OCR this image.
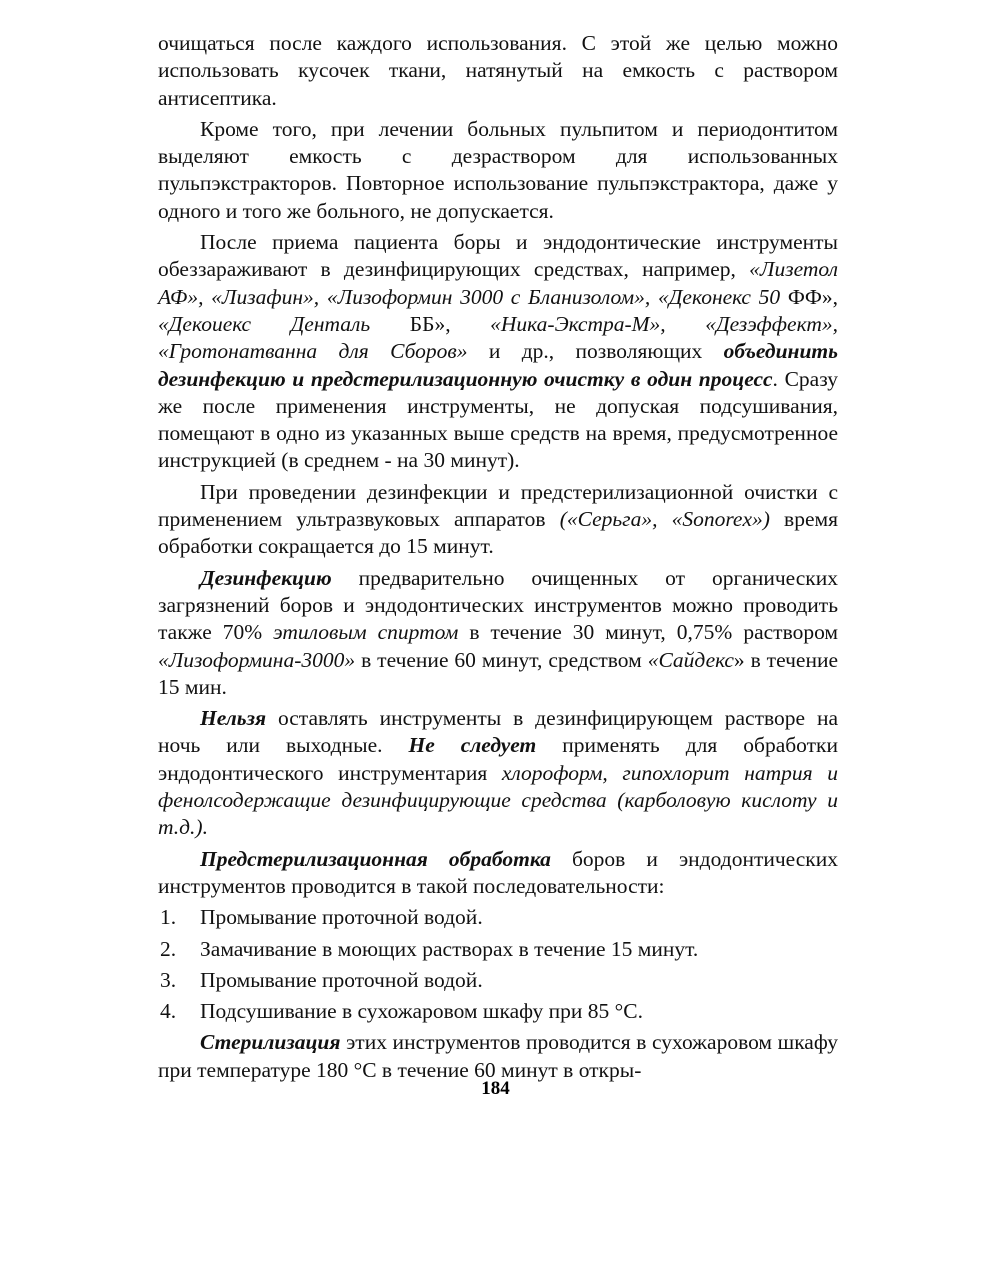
очищаться после каждого использования. С этой же целью можно использовать кусочек ткани, натянутый на емкость с раствором антисептика.

Кроме того, при лечении больных пульпитом и периодонтитом выделяют емкость с дезраствором для использованных пульпэкстракторов. Повторное использование пульпэкстрактора, даже у одного и того же больного, не допускается.

После приема пациента боры и эндодонтические инструменты обеззараживают в дезинфицирующих средствах, например, «Лизетол АФ», «Лизафин», «Лизоформин 3000 с Бланизолом», «Деконекс 50 ФФ», «Декоиекс Денталь ББ», «Ника-Экстра-М», «Дезэффект», «Гротонатванна для Сборов» и др., позволяющих объединить дезинфекцию и предстерилизационную очистку в один процесс. Сразу же после применения инструменты, не допуская подсушивания, помещают в одно из указанных выше средств на время, предусмотренное инструкцией (в среднем - на 30 минут).

При проведении дезинфекции и предстерилизационной очистки с применением ультразвуковых аппаратов («Серьга», «Sonorex») время обработки сокращается до 15 минут.

Дезинфекцию предварительно очищенных от органических загрязнений боров и эндодонтических инструментов можно проводить также 70% этиловым спиртом в течение 30 минут, 0,75% раствором «Лизоформина-3000» в течение 60 минут, средством «Сайдекс» в течение 15 мин.

Нельзя оставлять инструменты в дезинфицирующем растворе на ночь или выходные. Не следует применять для обработки эндодонтического инструментария хлороформ, гипохлорит натрия и фенолсодержащие дезинфицирующие средства (карболовую кислоту и т.д.).

Предстерилизационная обработка боров и эндодонтических инструментов проводится в такой последовательности:

1.	Промывание проточной водой.
2.	Замачивание в моющих растворах в течение 15 минут.
3.	Промывание проточной водой.
4.	Подсушивание в сухожаровом шкафу при 85 °С.

Стерилизация этих инструментов проводится в сухожаровом шкафу при температуре 180 °С в течение 60 минут в откры-

184
